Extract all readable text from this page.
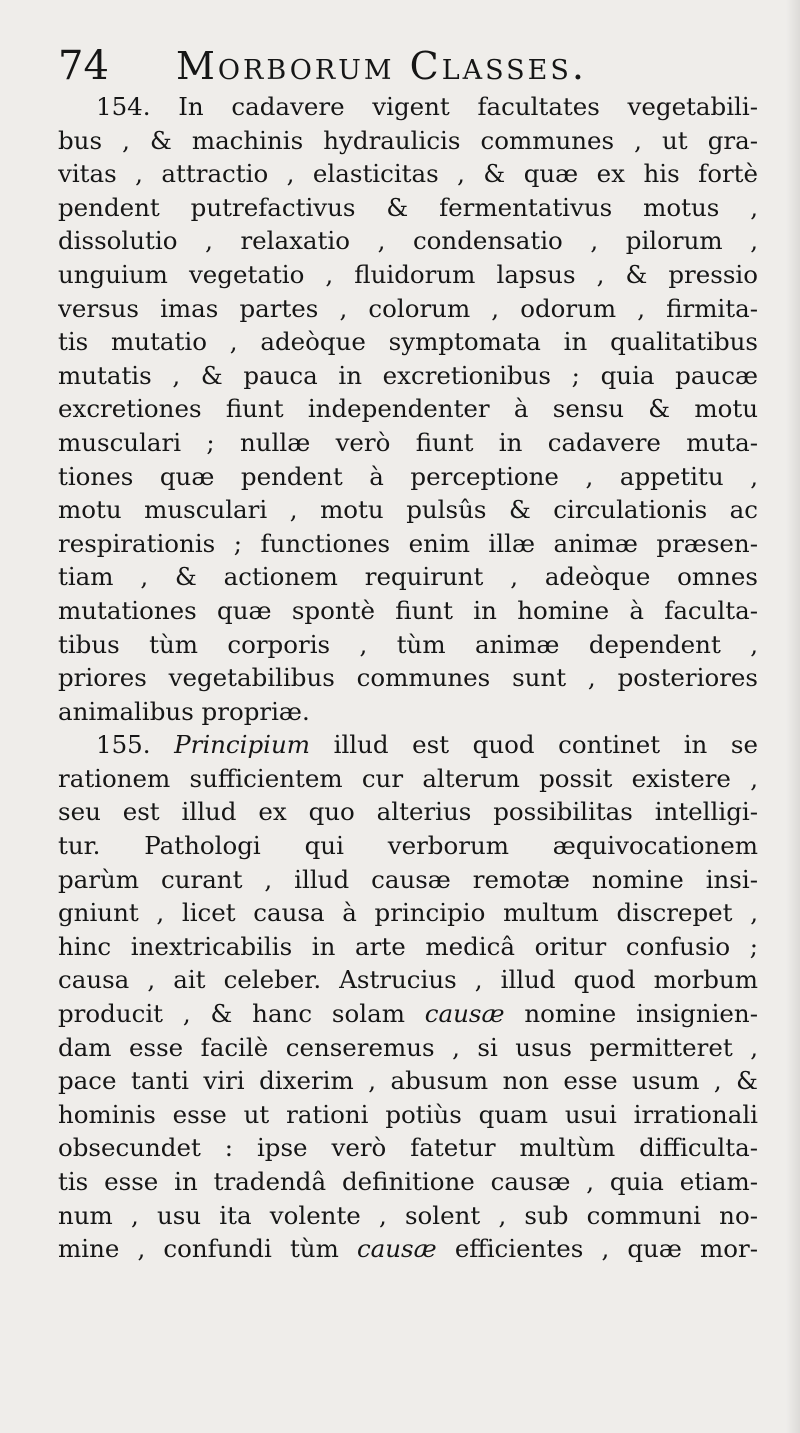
74 Morborum Classes.
154. In cadavere vigent facultates vegetabili-
bus , & machinis hydraulicis communes , ut gra-
vitas , attractio , elasticitas , & quæ ex his fortè
pendent putrefactivus & fermentativus motus ,
dissolutio , relaxatio , condensatio , pilorum ,
unguium vegetatio , fluidorum lapsus , & pressio
versus imas partes , colorum , odorum , firmita-
tis mutatio , adeòque symptomata in qualitatibus
mutatis , & pauca in excretionibus ; quia paucæ
excretiones fiunt independenter à sensu & motu
musculari ; nullæ verò fiunt in cadavere muta-
tiones quæ pendent à perceptione , appetitu ,
motu musculari , motu pulsûs & circulationis ac
respirationis ; functiones enim illæ animæ præsen-
tiam , & actionem requirunt , adeòque omnes
mutationes quæ spontè fiunt in homine à faculta-
tibus tùm corporis , tùm animæ dependent ,
priores vegetabilibus communes sunt , posteriores
animalibus propriæ.
155. Principium illud est quod continet in se
rationem sufficientem cur alterum possit existere ,
seu est illud ex quo alterius possibilitas intelligi-
tur. Pathologi qui verborum æquivocationem
parùm curant , illud causæ remotæ nomine insi-
gniunt , licet causa à principio multum discrepet ,
hinc inextricabilis in arte medicâ oritur confusio ;
causa , ait celeber. Astrucius , illud quod morbum
producit , & hanc solam causæ nomine insignien-
dam esse facilè censeremus , si usus permitteret ,
pace tanti viri dixerim , abusum non esse usum , &
hominis esse ut rationi potiùs quam usui irrationali
obsecundet : ipse verò fatetur multùm difficulta-
tis esse in tradendâ definitione causæ , quia etiam-
num , usu ita volente , solent , sub communi no-
mine , confundi tùm causæ efficientes , quæ mor-
